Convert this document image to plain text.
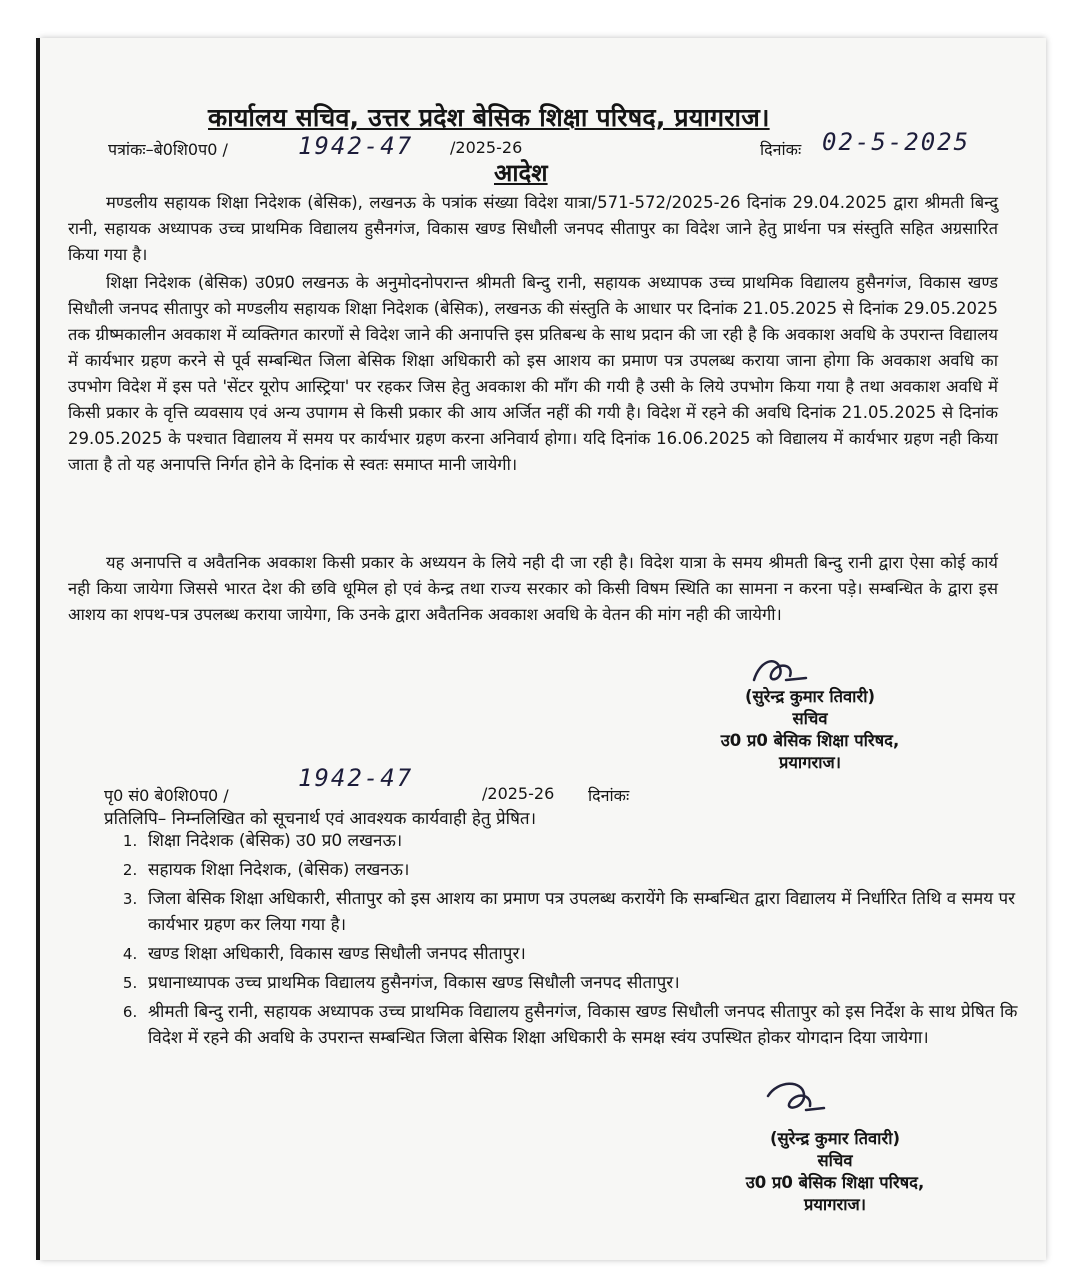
कार्यालय सचिव, उत्तर प्रदेश बेसिक शिक्षा परिषद, प्रयागराज।
पत्रांकः–बे0शि0प0 /	1942-47 /2025-26	दिनांकः 02-5-2025
आदेश

मण्डलीय सहायक शिक्षा निदेशक (बेसिक), लखनऊ के पत्रांक संख्या विदेश यात्रा/571-572/2025-26 दिनांक 29.04.2025 द्वारा श्रीमती बिन्दु रानी, सहायक अध्यापक उच्च प्राथमिक विद्यालय हुसैनगंज, विकास खण्ड सिधौली जनपद सीतापुर का विदेश जाने हेतु प्रार्थना पत्र संस्तुति सहित अग्रसारित किया गया है।

शिक्षा निदेशक (बेसिक) उ0प्र0 लखनऊ के अनुमोदनोपरान्त श्रीमती बिन्दु रानी, सहायक अध्यापक उच्च प्राथमिक विद्यालय हुसैनगंज, विकास खण्ड सिधौली जनपद सीतापुर को मण्डलीय सहायक शिक्षा निदेशक (बेसिक), लखनऊ की संस्तुति के आधार पर दिनांक 21.05.2025 से दिनांक 29.05.2025 तक ग्रीष्मकालीन अवकाश में व्यक्तिगत कारणों से विदेश जाने की अनापत्ति इस प्रतिबन्ध के साथ प्रदान की जा रही है कि अवकाश अवधि के उपरान्त विद्यालय में कार्यभार ग्रहण करने से पूर्व सम्बन्धित जिला बेसिक शिक्षा अधिकारी को इस आशय का प्रमाण पत्र उपलब्ध कराया जाना होगा कि अवकाश अवधि का उपभोग विदेश में इस पते 'सेंटर यूरोप आस्ट्रिया' पर रहकर जिस हेतु अवकाश की माँग की गयी है उसी के लिये उपभोग किया गया है तथा अवकाश अवधि में किसी प्रकार के वृत्ति व्यवसाय एवं अन्य उपागम से किसी प्रकार की आय अर्जित नहीं की गयी है। विदेश में रहने की अवधि दिनांक 21.05.2025 से दिनांक 29.05.2025 के पश्चात विद्यालय में समय पर कार्यभार ग्रहण करना अनिवार्य होगा। यदि दिनांक 16.06.2025 को विद्यालय में कार्यभार ग्रहण नही किया जाता है तो यह अनापत्ति निर्गत होने के दिनांक से स्वतः समाप्त मानी जायेगी।

यह अनापत्ति व अवैतनिक अवकाश किसी प्रकार के अध्ययन के लिये नही दी जा रही है। विदेश यात्रा के समय श्रीमती बिन्दु रानी द्वारा ऐसा कोई कार्य नही किया जायेगा जिससे भारत देश की छवि धूमिल हो एवं केन्द्र तथा राज्य सरकार को किसी विषम स्थिति का सामना न करना पड़े। सम्बन्धित के द्वारा इस आशय का शपथ-पत्र उपलब्ध कराया जायेगा, कि उनके द्वारा अवैतनिक अवकाश अवधि के वेतन की मांग नही की जायेगी।

(सुरेन्द्र कुमार तिवारी)
सचिव
उ0 प्र0 बेसिक शिक्षा परिषद,
प्रयागराज।
पृ0 सं0 बे0शि0प0 /
1942-47
/2025-26 दिनांकः
प्रतिलिपि– निम्नलिखित को सूचनार्थ एवं आवश्यक कार्यवाही हेतु प्रेषित।
1. शिक्षा निदेशक (बेसिक) उ0 प्र0 लखनऊ।
2. सहायक शिक्षा निदेशक, (बेसिक) लखनऊ।
3. जिला बेसिक शिक्षा अधिकारी, सीतापुर को इस आशय का प्रमाण पत्र उपलब्ध करायेंगे कि सम्बन्धित द्वारा विद्यालय में निर्धारित तिथि व समय पर कार्यभार ग्रहण कर लिया गया है।
4. खण्ड शिक्षा अधिकारी, विकास खण्ड सिधौली जनपद सीतापुर।
5. प्रधानाध्यापक उच्च प्राथमिक विद्यालय हुसैनगंज, विकास खण्ड सिधौली जनपद सीतापुर।
6. श्रीमती बिन्दु रानी, सहायक अध्यापक उच्च प्राथमिक विद्यालय हुसैनगंज, विकास खण्ड सिधौली जनपद सीतापुर को इस निर्देश के साथ प्रेषित कि विदेश में रहने की अवधि के उपरान्त सम्बन्धित जिला बेसिक शिक्षा अधिकारी के समक्ष स्वंय उपस्थित होकर योगदान दिया जायेगा।
(सुरेन्द्र कुमार तिवारी)
सचिव
उ0 प्र0 बेसिक शिक्षा परिषद,
प्रयागराज।
